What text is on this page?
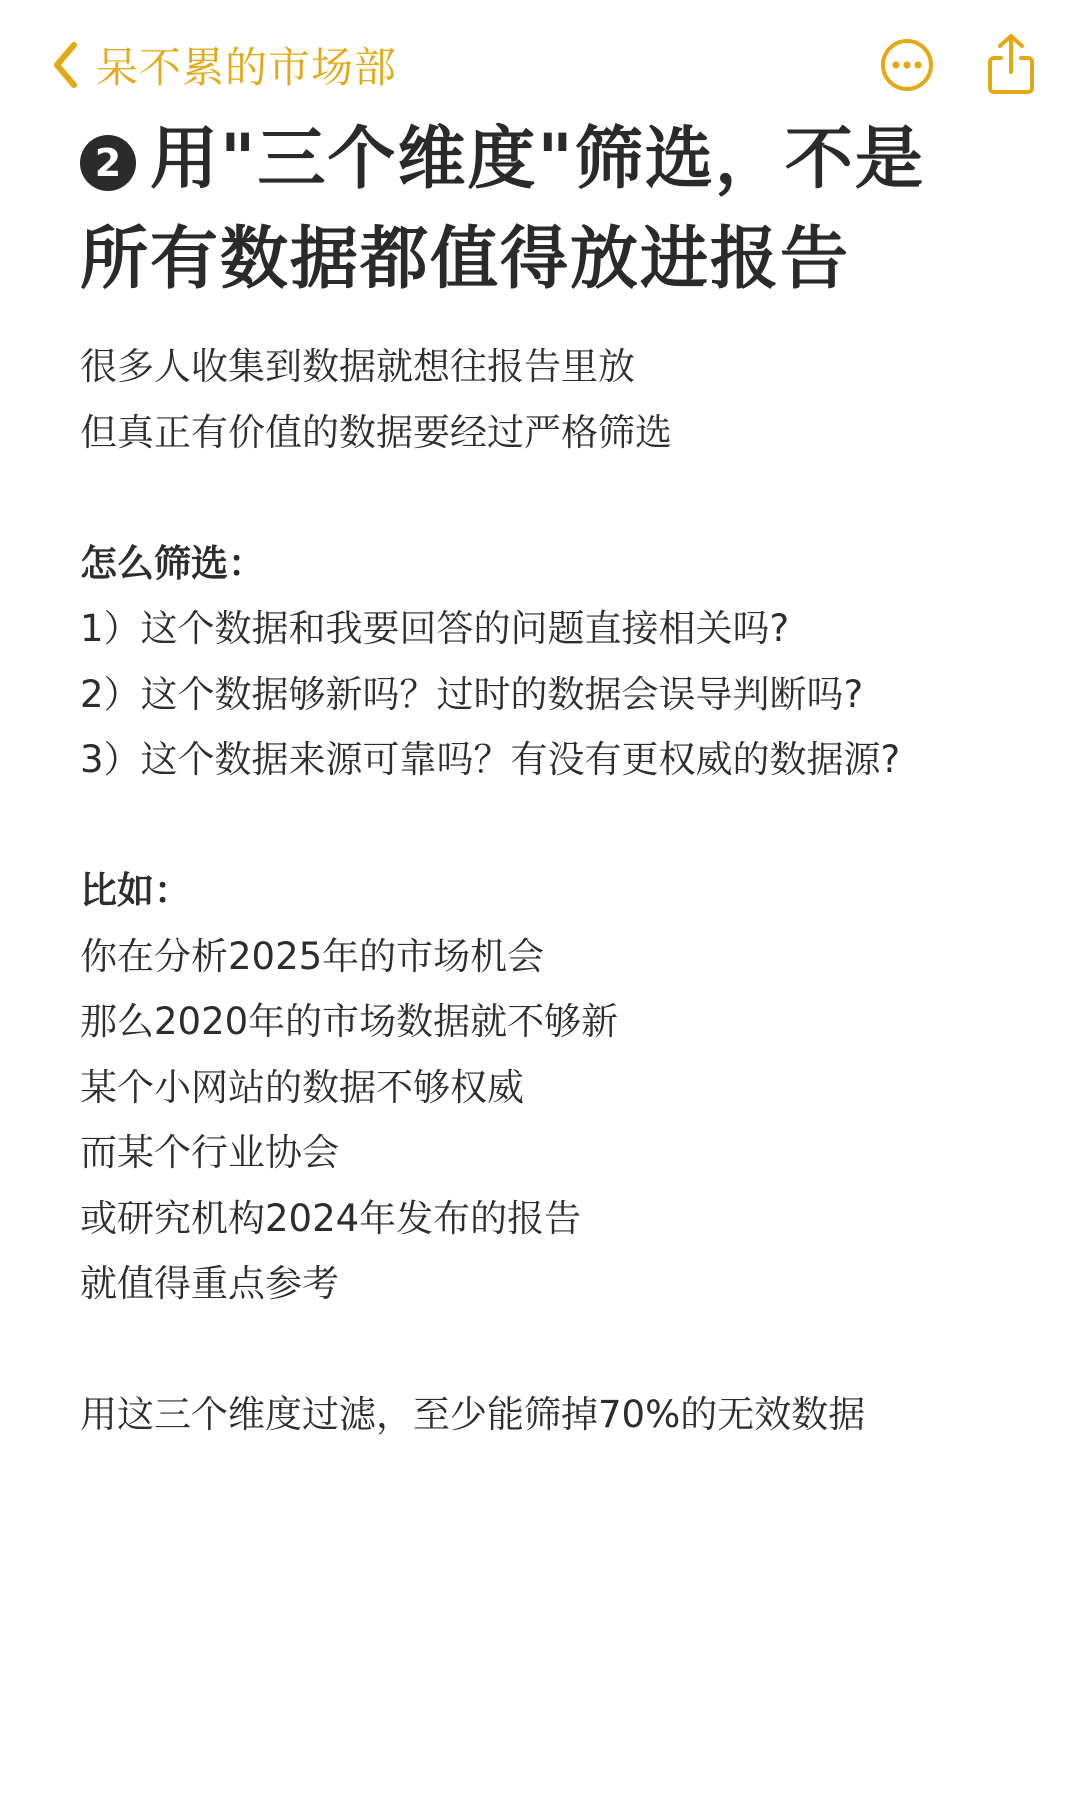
呆不累的市场部
2 用"三个维度"筛选，不是
所有数据都值得放进报告
很多人收集到数据就想往报告里放
但真正有价值的数据要经过严格筛选
怎么筛选：
1）这个数据和我要回答的问题直接相关吗?
2）这个数据够新吗？过时的数据会误导判断吗?
3）这个数据来源可靠吗？有没有更权威的数据源?
比如：
你在分析2025年的市场机会
那么2020年的市场数据就不够新
某个小网站的数据不够权威
而某个行业协会
或研究机构2024年发布的报告
就值得重点参考
用这三个维度过滤，至少能筛掉70%的无效数据
